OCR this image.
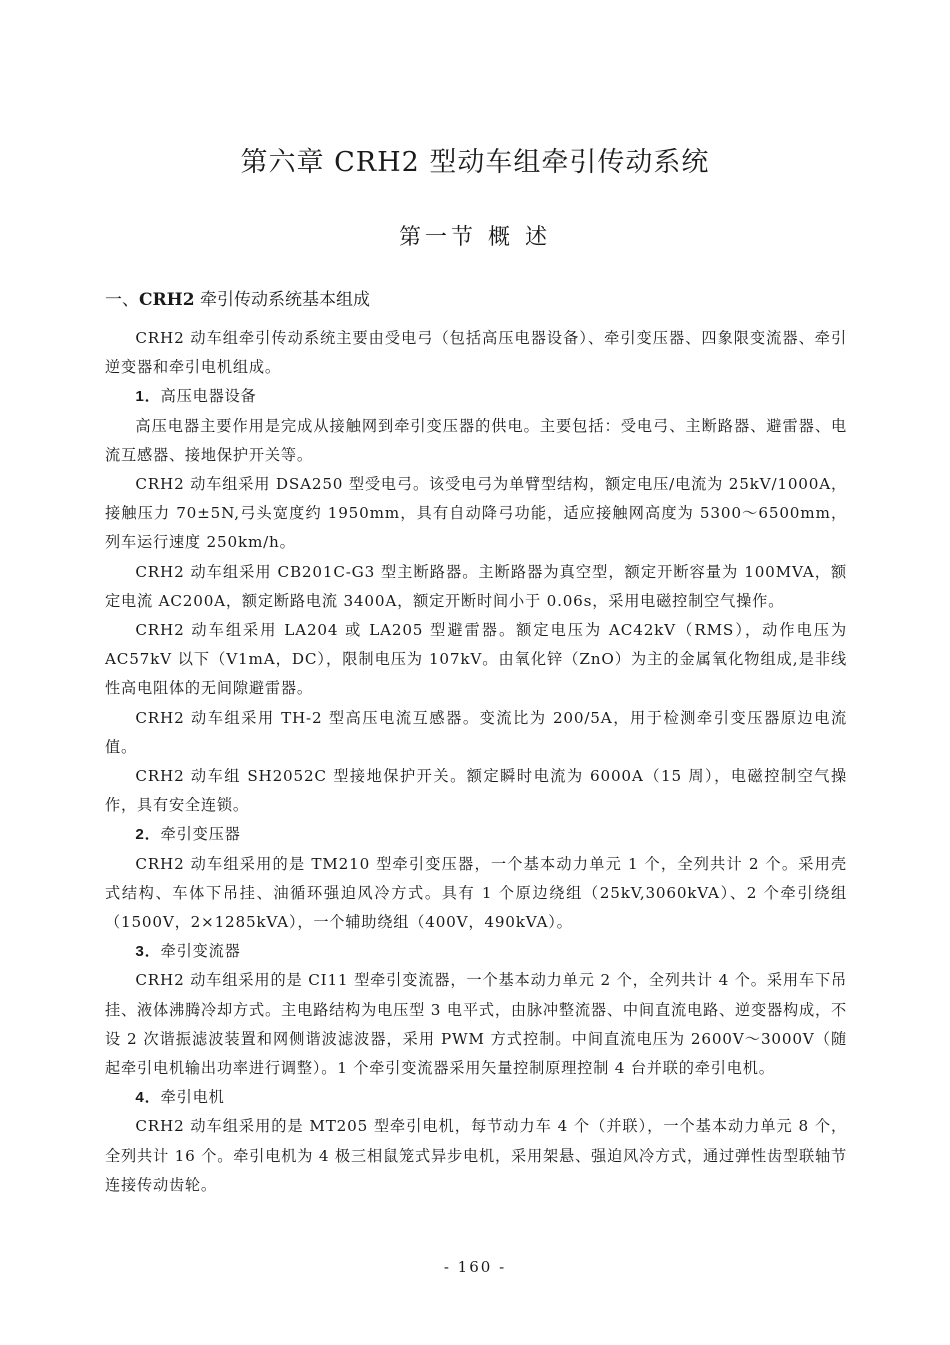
第六章 CRH2 型动车组牵引传动系统
第一节 概 述
一、CRH2 牵引传动系统基本组成

CRH2 动车组牵引传动系统主要由受电弓（包括高压电器设备）、牵引变压器、四象限变流器、牵引逆变器和牵引电机组成。

1．高压电器设备

高压电器主要作用是完成从接触网到牵引变压器的供电。主要包括：受电弓、主断路器、避雷器、电流互感器、接地保护开关等。

CRH2 动车组采用 DSA250 型受电弓。该受电弓为单臂型结构，额定电压/电流为 25kV/1000A，接触压力 70±5N,弓头宽度约 1950mm，具有自动降弓功能，适应接触网高度为 5300～6500mm，列车运行速度 250km/h。

CRH2 动车组采用 CB201C-G3 型主断路器。主断路器为真空型，额定开断容量为 100MVA，额定电流 AC200A，额定断路电流 3400A，额定开断时间小于 0.06s，采用电磁控制空气操作。

CRH2 动车组采用 LA204 或 LA205 型避雷器。额定电压为 AC42kV（RMS），动作电压为 AC57kV 以下（V1mA，DC），限制电压为 107kV。由氧化锌（ZnO）为主的金属氧化物组成,是非线性高电阻体的无间隙避雷器。

CRH2 动车组采用 TH-2 型高压电流互感器。变流比为 200/5A，用于检测牵引变压器原边电流值。

CRH2 动车组 SH2052C 型接地保护开关。额定瞬时电流为 6000A（15 周），电磁控制空气操作，具有安全连锁。

2．牵引变压器

CRH2 动车组采用的是 TM210 型牵引变压器，一个基本动力单元 1 个，全列共计 2 个。采用壳式结构、车体下吊挂、油循环强迫风冷方式。具有 1 个原边绕组（25kV,3060kVA）、2 个牵引绕组（1500V，2×1285kVA），一个辅助绕组（400V，490kVA）。

3．牵引变流器

CRH2 动车组采用的是 CI11 型牵引变流器，一个基本动力单元 2 个，全列共计 4 个。采用车下吊挂、液体沸腾冷却方式。主电路结构为电压型 3 电平式，由脉冲整流器、中间直流电路、逆变器构成，不设 2 次谐振滤波装置和网侧谐波滤波器，采用 PWM 方式控制。中间直流电压为 2600V～3000V（随起牵引电机输出功率进行调整）。1 个牵引变流器采用矢量控制原理控制 4 台并联的牵引电机。

4．牵引电机

CRH2 动车组采用的是 MT205 型牵引电机，每节动力车 4 个（并联），一个基本动力单元 8 个，全列共计 16 个。牵引电机为 4 极三相鼠笼式异步电机，采用架悬、强迫风冷方式，通过弹性齿型联轴节连接传动齿轮。

- 160 -
